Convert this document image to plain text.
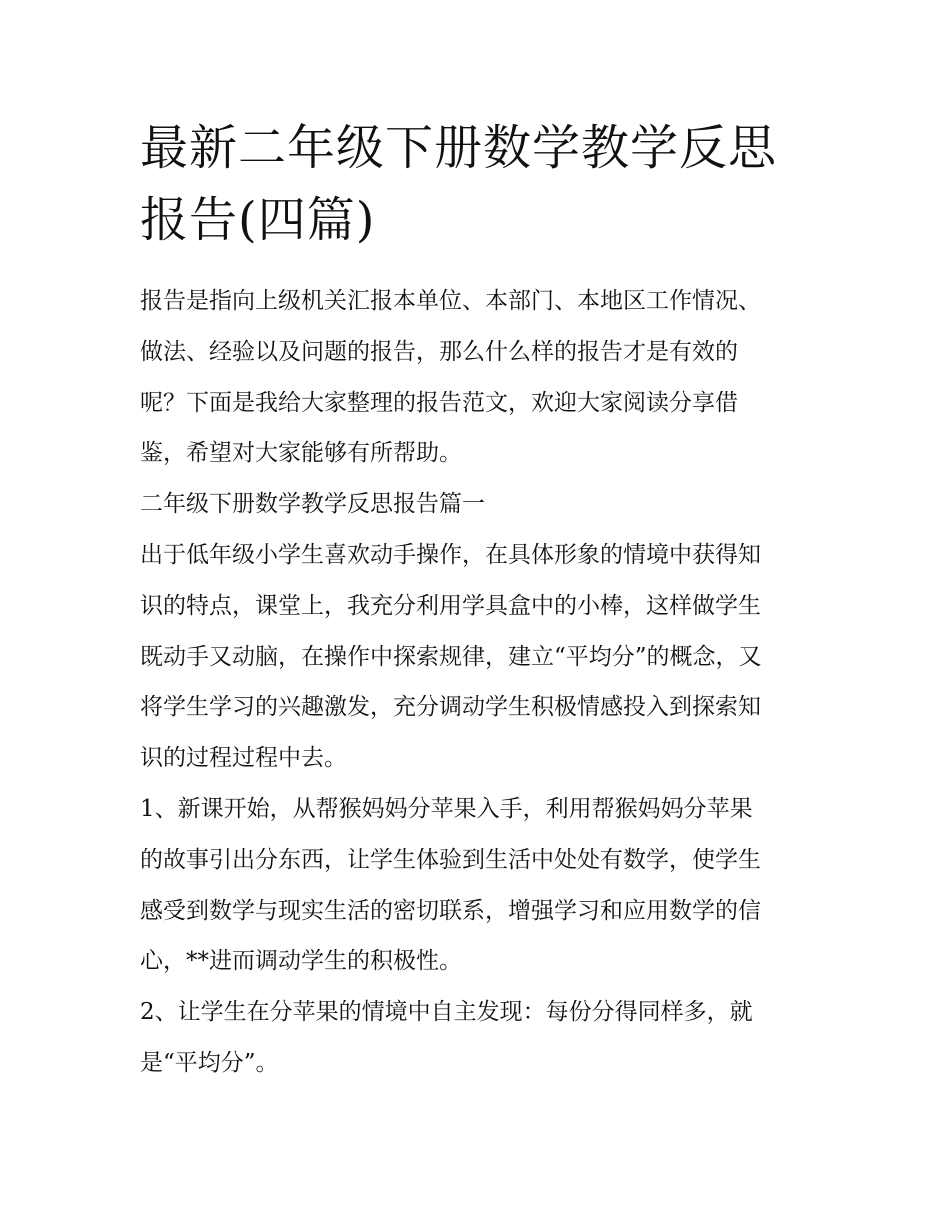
最新二年级下册数学教学反思
报告(四篇)

报告是指向上级机关汇报本单位、本部门、本地区工作情况、
做法、经验以及问题的报告，那么什么样的报告才是有效的
呢？下面是我给大家整理的报告范文，欢迎大家阅读分享借
鉴，希望对大家能够有所帮助。

二年级下册数学教学反思报告篇一

出于低年级小学生喜欢动手操作，在具体形象的情境中获得知
识的特点，课堂上，我充分利用学具盒中的小棒，这样做学生
既动手又动脑，在操作中探索规律，建立“平均分”的概念，又
将学生学习的兴趣激发，充分调动学生积极情感投入到探索知
识的过程过程中去。

1、新课开始，从帮猴妈妈分苹果入手，利用帮猴妈妈分苹果
的故事引出分东西，让学生体验到生活中处处有数学，使学生
感受到数学与现实生活的密切联系，增强学习和应用数学的信
心，**进而调动学生的积极性。

2、让学生在分苹果的情境中自主发现：每份分得同样多，就
是“平均分”。
